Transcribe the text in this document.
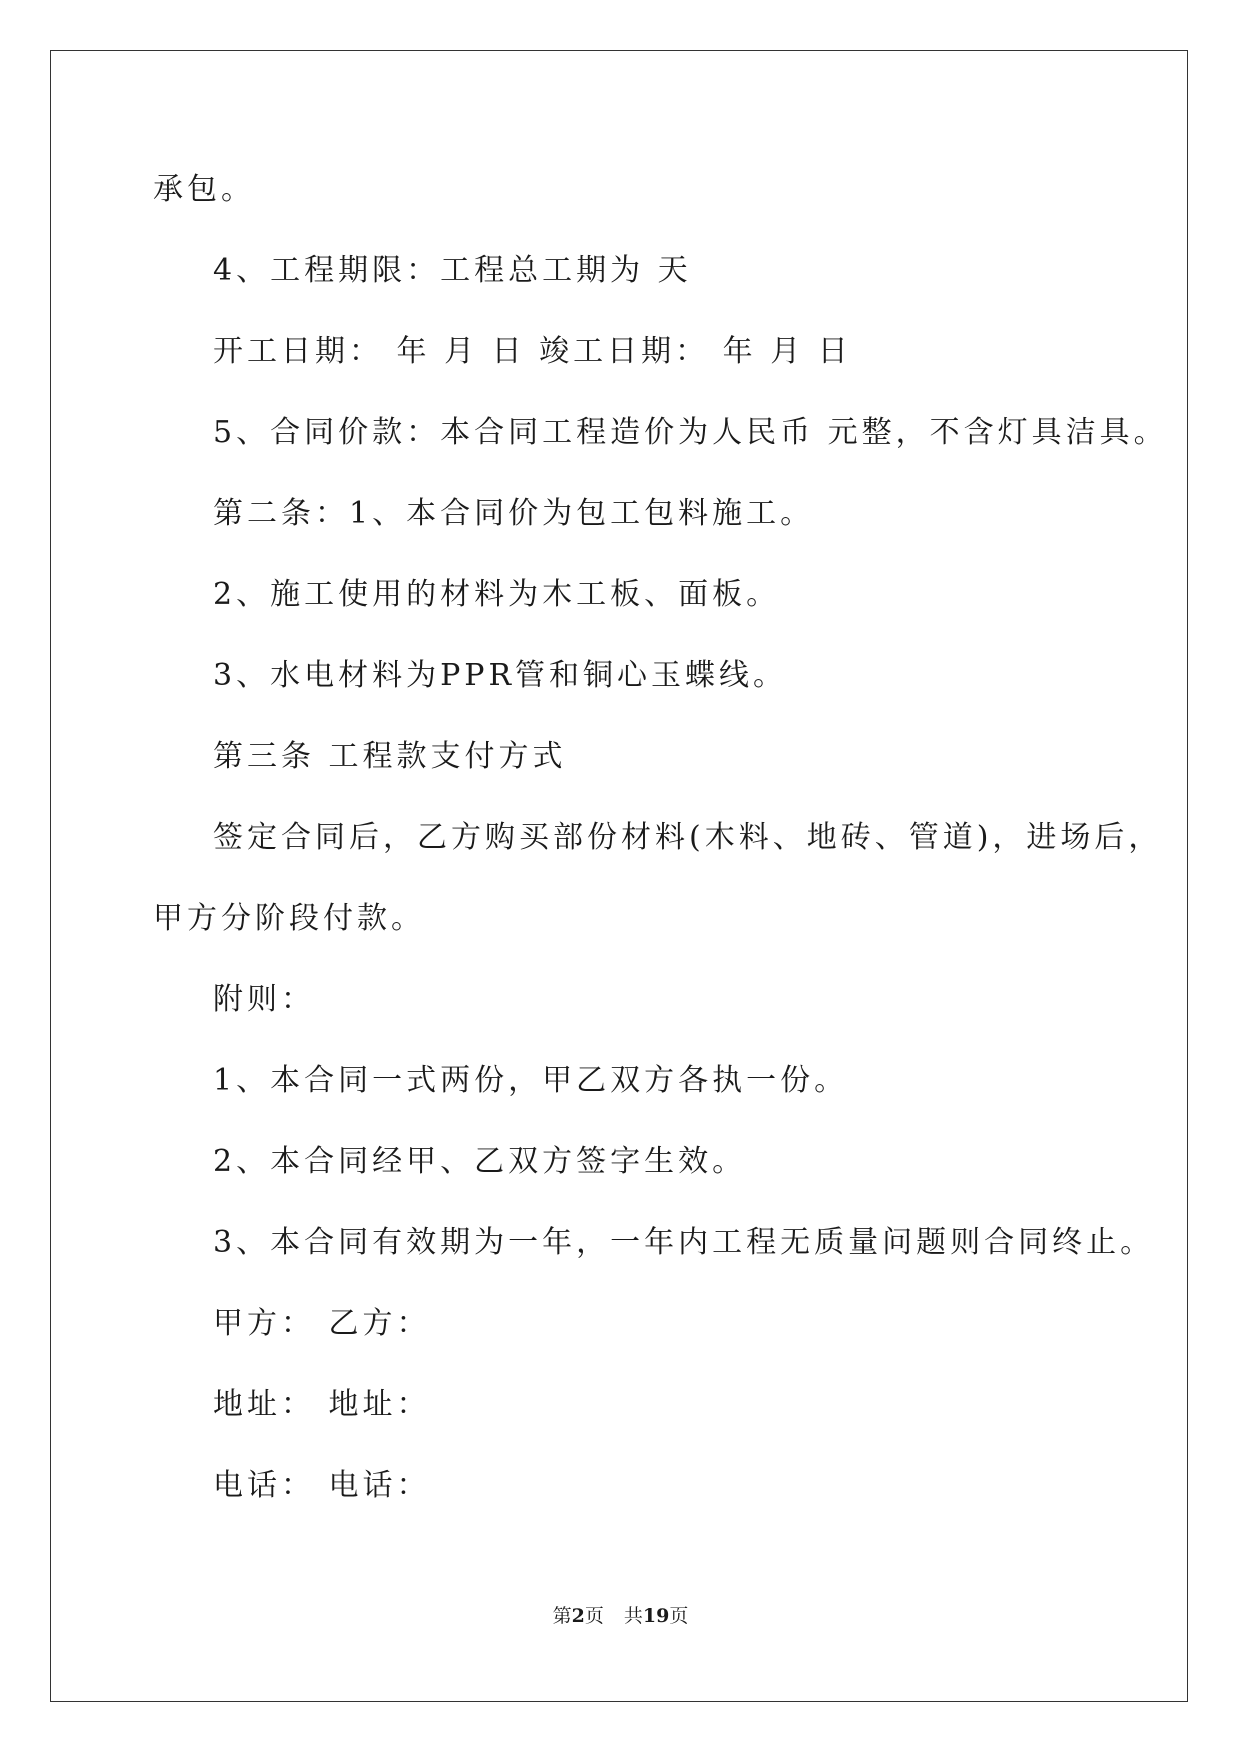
承包。
4、工程期限：工程总工期为 天
开工日期： 年 月 日 竣工日期： 年 月 日
5、合同价款：本合同工程造价为人民币 元整，不含灯具洁具。
第二条：1、本合同价为包工包料施工。
2、施工使用的材料为木工板、面板。
3、水电材料为PPR管和铜心玉蝶线。
第三条 工程款支付方式
签定合同后，乙方购买部份材料(木料、地砖、管道)，进场后，
甲方分阶段付款。
附则：
1、本合同一式两份，甲乙双方各执一份。
2、本合同经甲、乙双方签字生效。
3、本合同有效期为一年，一年内工程无质量问题则合同终止。
甲方： 乙方：
地址： 地址：
电话： 电话：
第2页 共19页
